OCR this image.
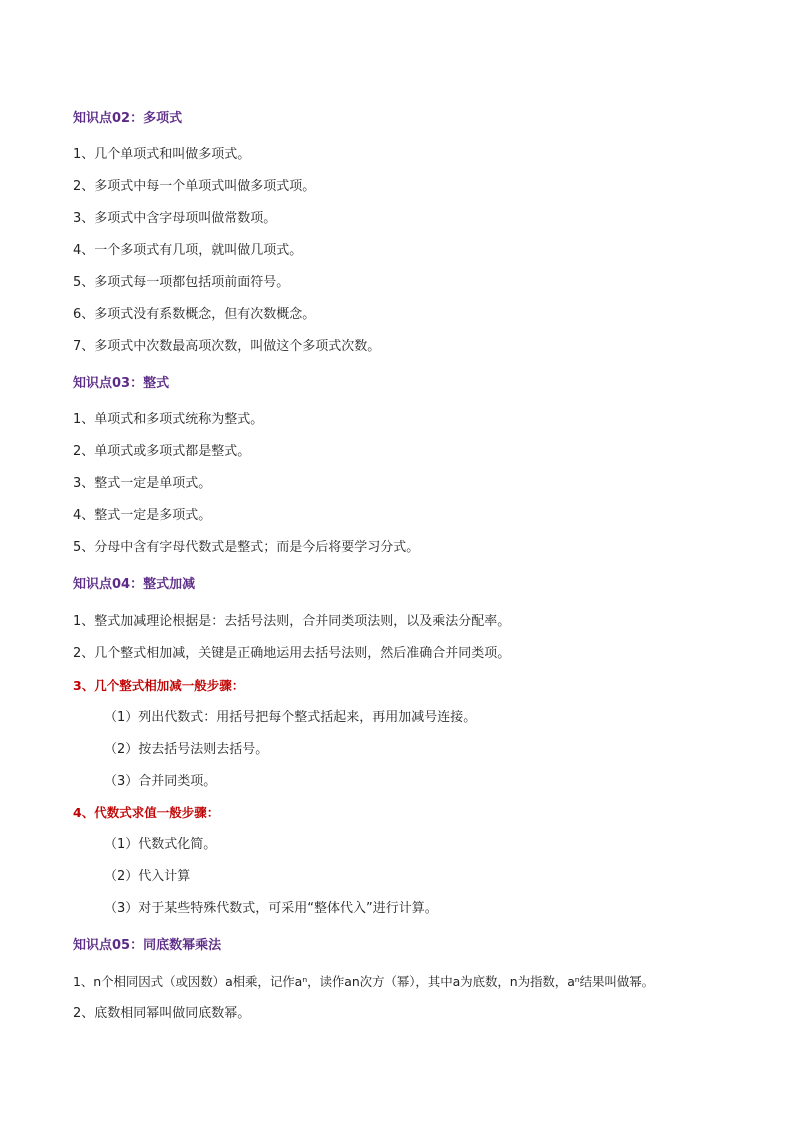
知识点02：多项式
1、几个单项式和叫做多项式。
2、多项式中每一个单项式叫做多项式项。
3、多项式中含字母项叫做常数项。
4、一个多项式有几项，就叫做几项式。
5、多项式每一项都包括项前面符号。
6、多项式没有系数概念，但有次数概念。
7、多项式中次数最高项次数，叫做这个多项式次数。
知识点03：整式
1、单项式和多项式统称为整式。
2、单项式或多项式都是整式。
3、整式一定是单项式。
4、整式一定是多项式。
5、分母中含有字母代数式是整式；而是今后将要学习分式。
知识点04：整式加减
1、整式加减理论根据是：去括号法则，合并同类项法则，以及乘法分配率。
2、几个整式相加减，关键是正确地运用去括号法则，然后准确合并同类项。
3、几个整式相加减一般步骤：
（1）列出代数式：用括号把每个整式括起来，再用加减号连接。
（2）按去括号法则去括号。
（3）合并同类项。
4、代数式求值一般步骤：
（1）代数式化简。
（2）代入计算
（3）对于某些特殊代数式，可采用“整体代入”进行计算。
知识点05：同底数幂乘法
1、n个相同因式（或因数）a相乘，记作aⁿ，读作an次方（幂），其中a为底数，n为指数，aⁿ结果叫做幂。
2、底数相同幂叫做同底数幂。
